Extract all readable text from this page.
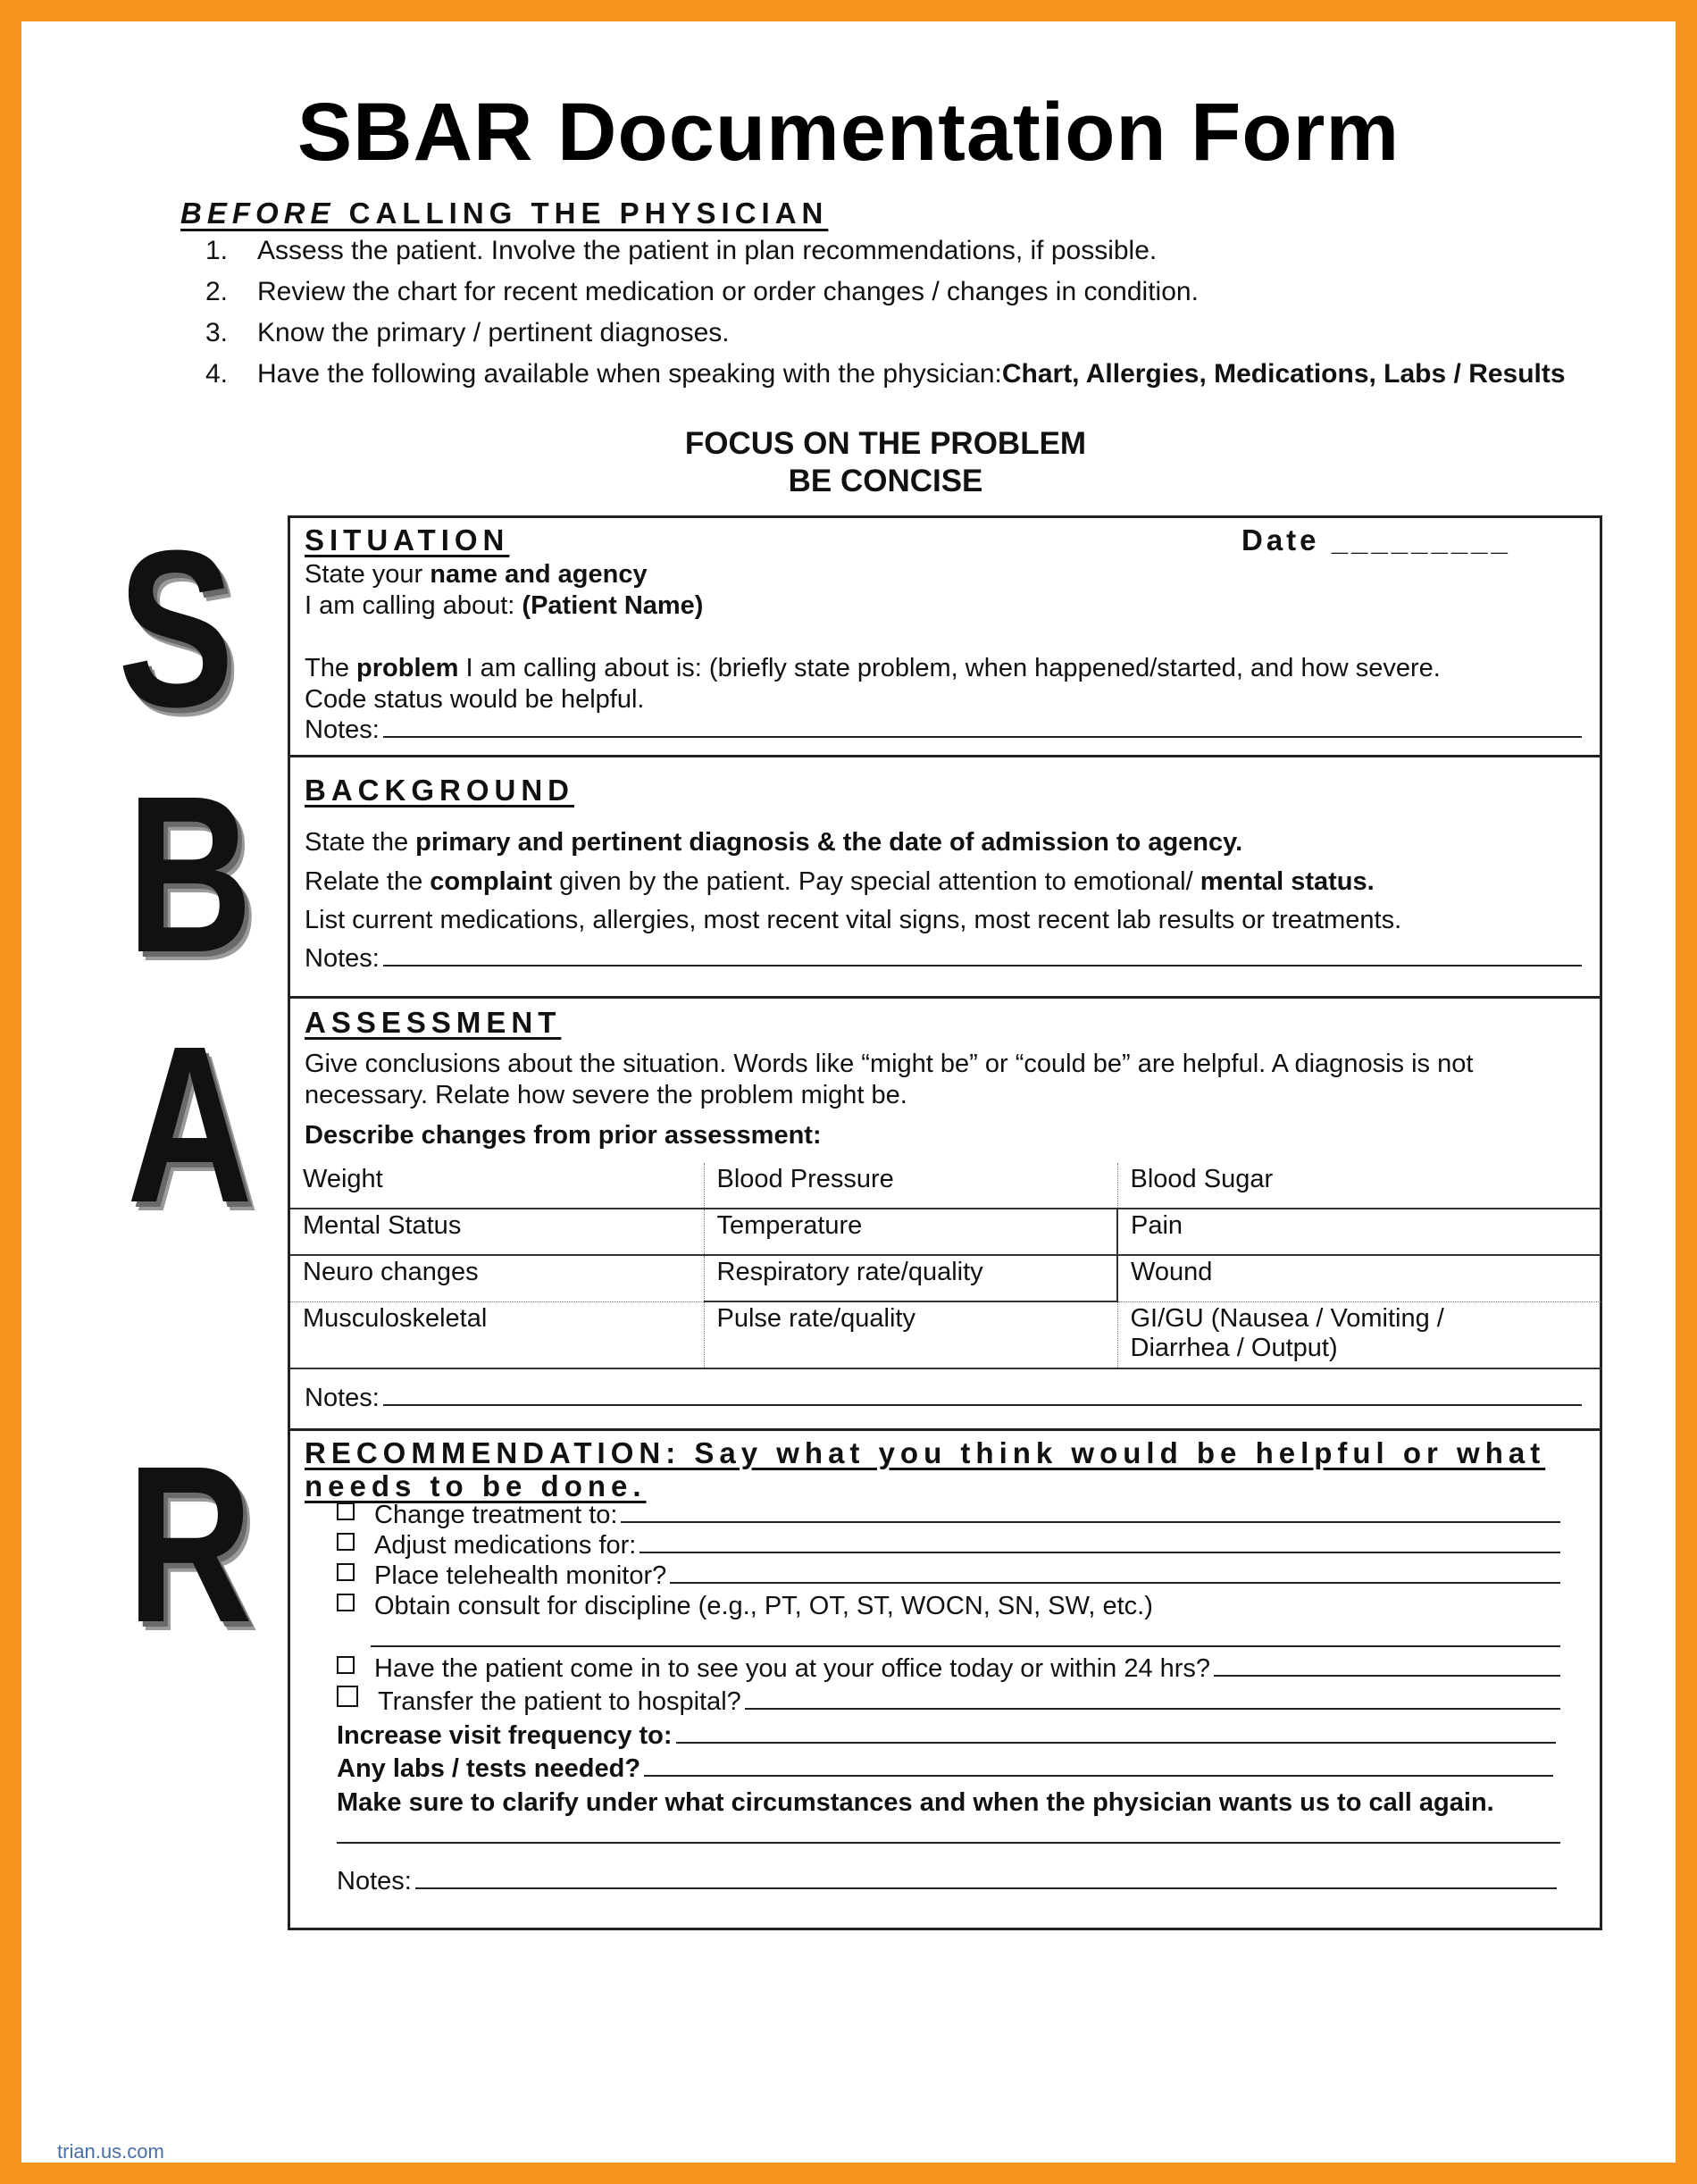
SBAR Documentation Form
BEFORE CALLING THE PHYSICIAN
1.	Assess the patient. Involve the patient in plan recommendations, if possible.
2.	Review the chart for recent medication or order changes / changes in condition.
3.	Know the primary / pertinent diagnoses.
4.	Have the following available when speaking with the physician: Chart, Allergies, Medications, Labs / Results
FOCUS ON THE PROBLEM
BE CONCISE
S
B
A
R
SITUATION	Date _________
State your name and agency
I am calling about: (Patient Name)
The problem I am calling about is: (briefly state problem, when happened/started, and how severe.
Code status would be helpful.
Notes:
BACKGROUND
State the primary and pertinent diagnosis & the date of admission to agency.
Relate the complaint given by the patient. Pay special attention to emotional/ mental status.
List current medications, allergies, most recent vital signs, most recent lab results or treatments.
Notes:
ASSESSMENT
Give conclusions about the situation. Words like “might be” or “could be” are helpful. A diagnosis is not
necessary. Relate how severe the problem might be.
Describe changes from prior assessment:
Weight	Blood Pressure	Blood Sugar
Mental Status	Temperature	Pain
Neuro changes	Respiratory rate/quality	Wound
Musculoskeletal	Pulse rate/quality	GI/GU (Nausea / Vomiting /
Diarrhea / Output)
Notes:
RECOMMENDATION: Say what you think would be helpful or what
needs to be done.
Change treatment to:
Adjust medications for:
Place telehealth monitor?
Obtain consult for discipline (e.g., PT, OT, ST, WOCN, SN, SW, etc.)
Have the patient come in to see you at your office today or within 24 hrs?
Transfer the patient to hospital?
Increase visit frequency to:
Any labs / tests needed?
Make sure to clarify under what circumstances and when the physician wants us to call again.
Notes:
trian.us.com
